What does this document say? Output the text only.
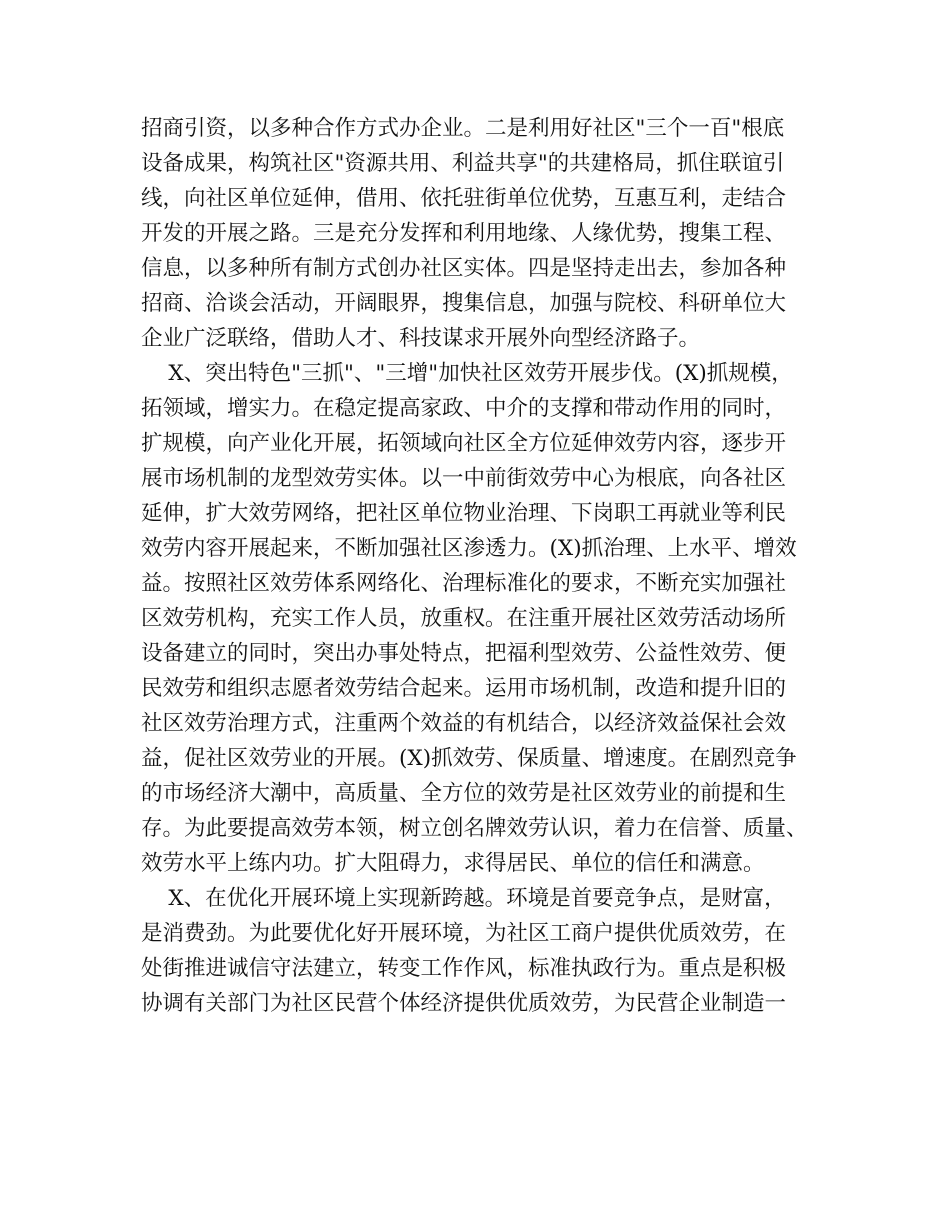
招商引资，以多种合作方式办企业。二是利用好社区"三个一百"根底
设备成果，构筑社区"资源共用、利益共享"的共建格局，抓住联谊引
线，向社区单位延伸，借用、依托驻街单位优势，互惠互利，走结合
开发的开展之路。三是充分发挥和利用地缘、人缘优势，搜集工程、
信息，以多种所有制方式创办社区实体。四是坚持走出去，参加各种
招商、洽谈会活动，开阔眼界，搜集信息，加强与院校、科研单位大
企业广泛联络，借助人才、科技谋求开展外向型经济路子。
X、突出特色"三抓"、"三增"加快社区效劳开展步伐。(X)抓规模，
拓领域，增实力。在稳定提高家政、中介的支撑和带动作用的同时，
扩规模，向产业化开展，拓领域向社区全方位延伸效劳内容，逐步开
展市场机制的龙型效劳实体。以一中前街效劳中心为根底，向各社区
延伸，扩大效劳网络，把社区单位物业治理、下岗职工再就业等利民
效劳内容开展起来，不断加强社区渗透力。(X)抓治理、上水平、增效
益。按照社区效劳体系网络化、治理标准化的要求，不断充实加强社
区效劳机构，充实工作人员，放重权。在注重开展社区效劳活动场所
设备建立的同时，突出办事处特点，把福利型效劳、公益性效劳、便
民效劳和组织志愿者效劳结合起来。运用市场机制，改造和提升旧的
社区效劳治理方式，注重两个效益的有机结合，以经济效益保社会效
益，促社区效劳业的开展。(X)抓效劳、保质量、增速度。在剧烈竞争
的市场经济大潮中，高质量、全方位的效劳是社区效劳业的前提和生
存。为此要提高效劳本领，树立创名牌效劳认识，着力在信誉、质量、
效劳水平上练内功。扩大阻碍力，求得居民、单位的信任和满意。
X、在优化开展环境上实现新跨越。环境是首要竞争点，是财富，
是消费劲。为此要优化好开展环境，为社区工商户提供优质效劳，在
处街推进诚信守法建立，转变工作作风，标准执政行为。重点是积极
协调有关部门为社区民营个体经济提供优质效劳，为民营企业制造一
